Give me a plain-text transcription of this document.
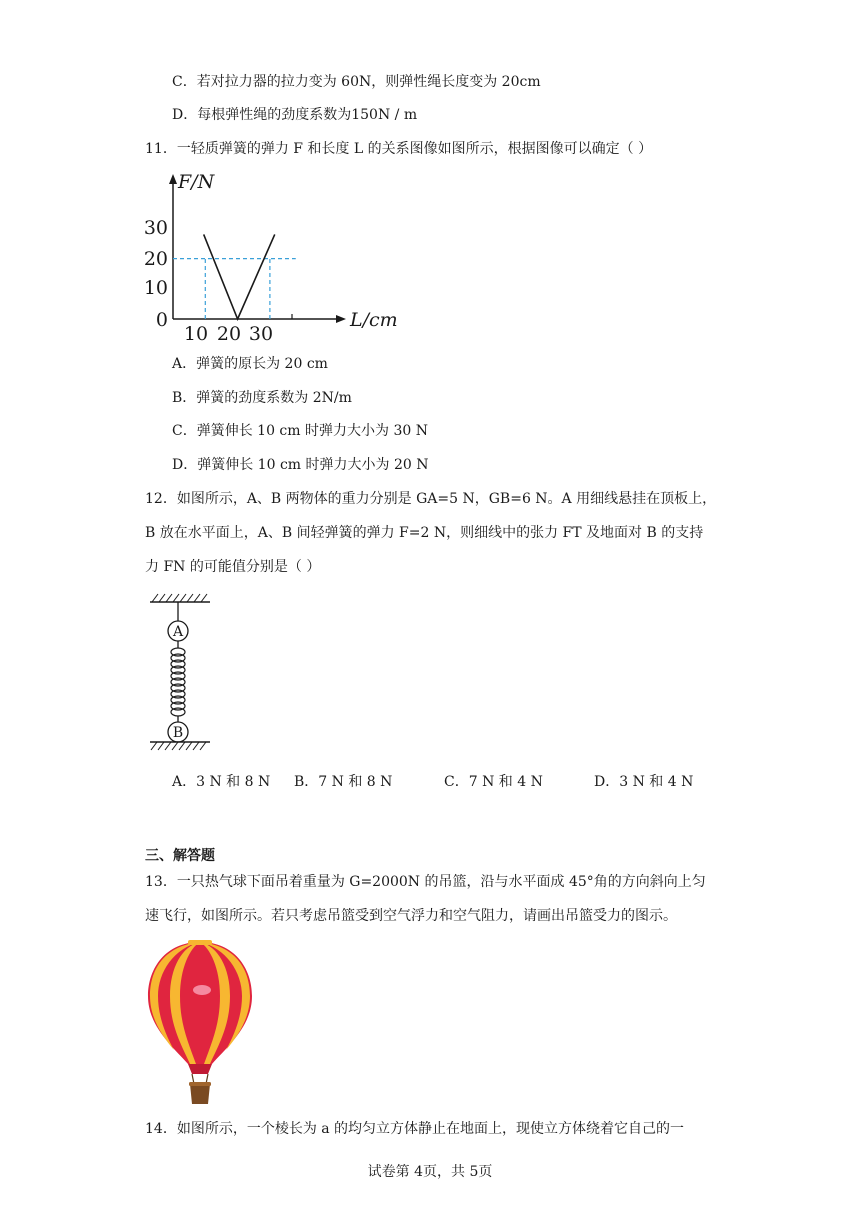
C．若对拉力器的拉力变为 60N，则弹性绳长度变为 20cm
D．每根弹性绳的劲度系数为150N / m
11．一轻质弹簧的弹力 F 和长度 L 的关系图像如图所示，根据图像可以确定（ ）
F/N
L/cm
30
20
10
0
10 20 30
A．弹簧的原长为 20 cm
B．弹簧的劲度系数为 2N/m
C．弹簧伸长 10 cm 时弹力大小为 30 N
D．弹簧伸长 10 cm 时弹力大小为 20 N
12．如图所示，A、B 两物体的重力分别是 GA=5 N，GB=6 N。A 用细线悬挂在顶板上，
B 放在水平面上，A、B 间轻弹簧的弹力 F=2 N，则细线中的张力 FT 及地面对 B 的支持
力 FN 的可能值分别是（ ）
A
B
A．3 N 和 8 N B．7 N 和 8 N	C．7 N 和 4 N	D．3 N 和 4 N
三、解答题
13．一只热气球下面吊着重量为 G=2000N 的吊篮，沿与水平面成 45°角的方向斜向上匀
速飞行，如图所示。若只考虑吊篮受到空气浮力和空气阻力，请画出吊篮受力的图示。
14．如图所示，一个棱长为 a 的均匀立方体静止在地面上，现使立方体绕着它自己的一
试卷第 4页，共 5页
